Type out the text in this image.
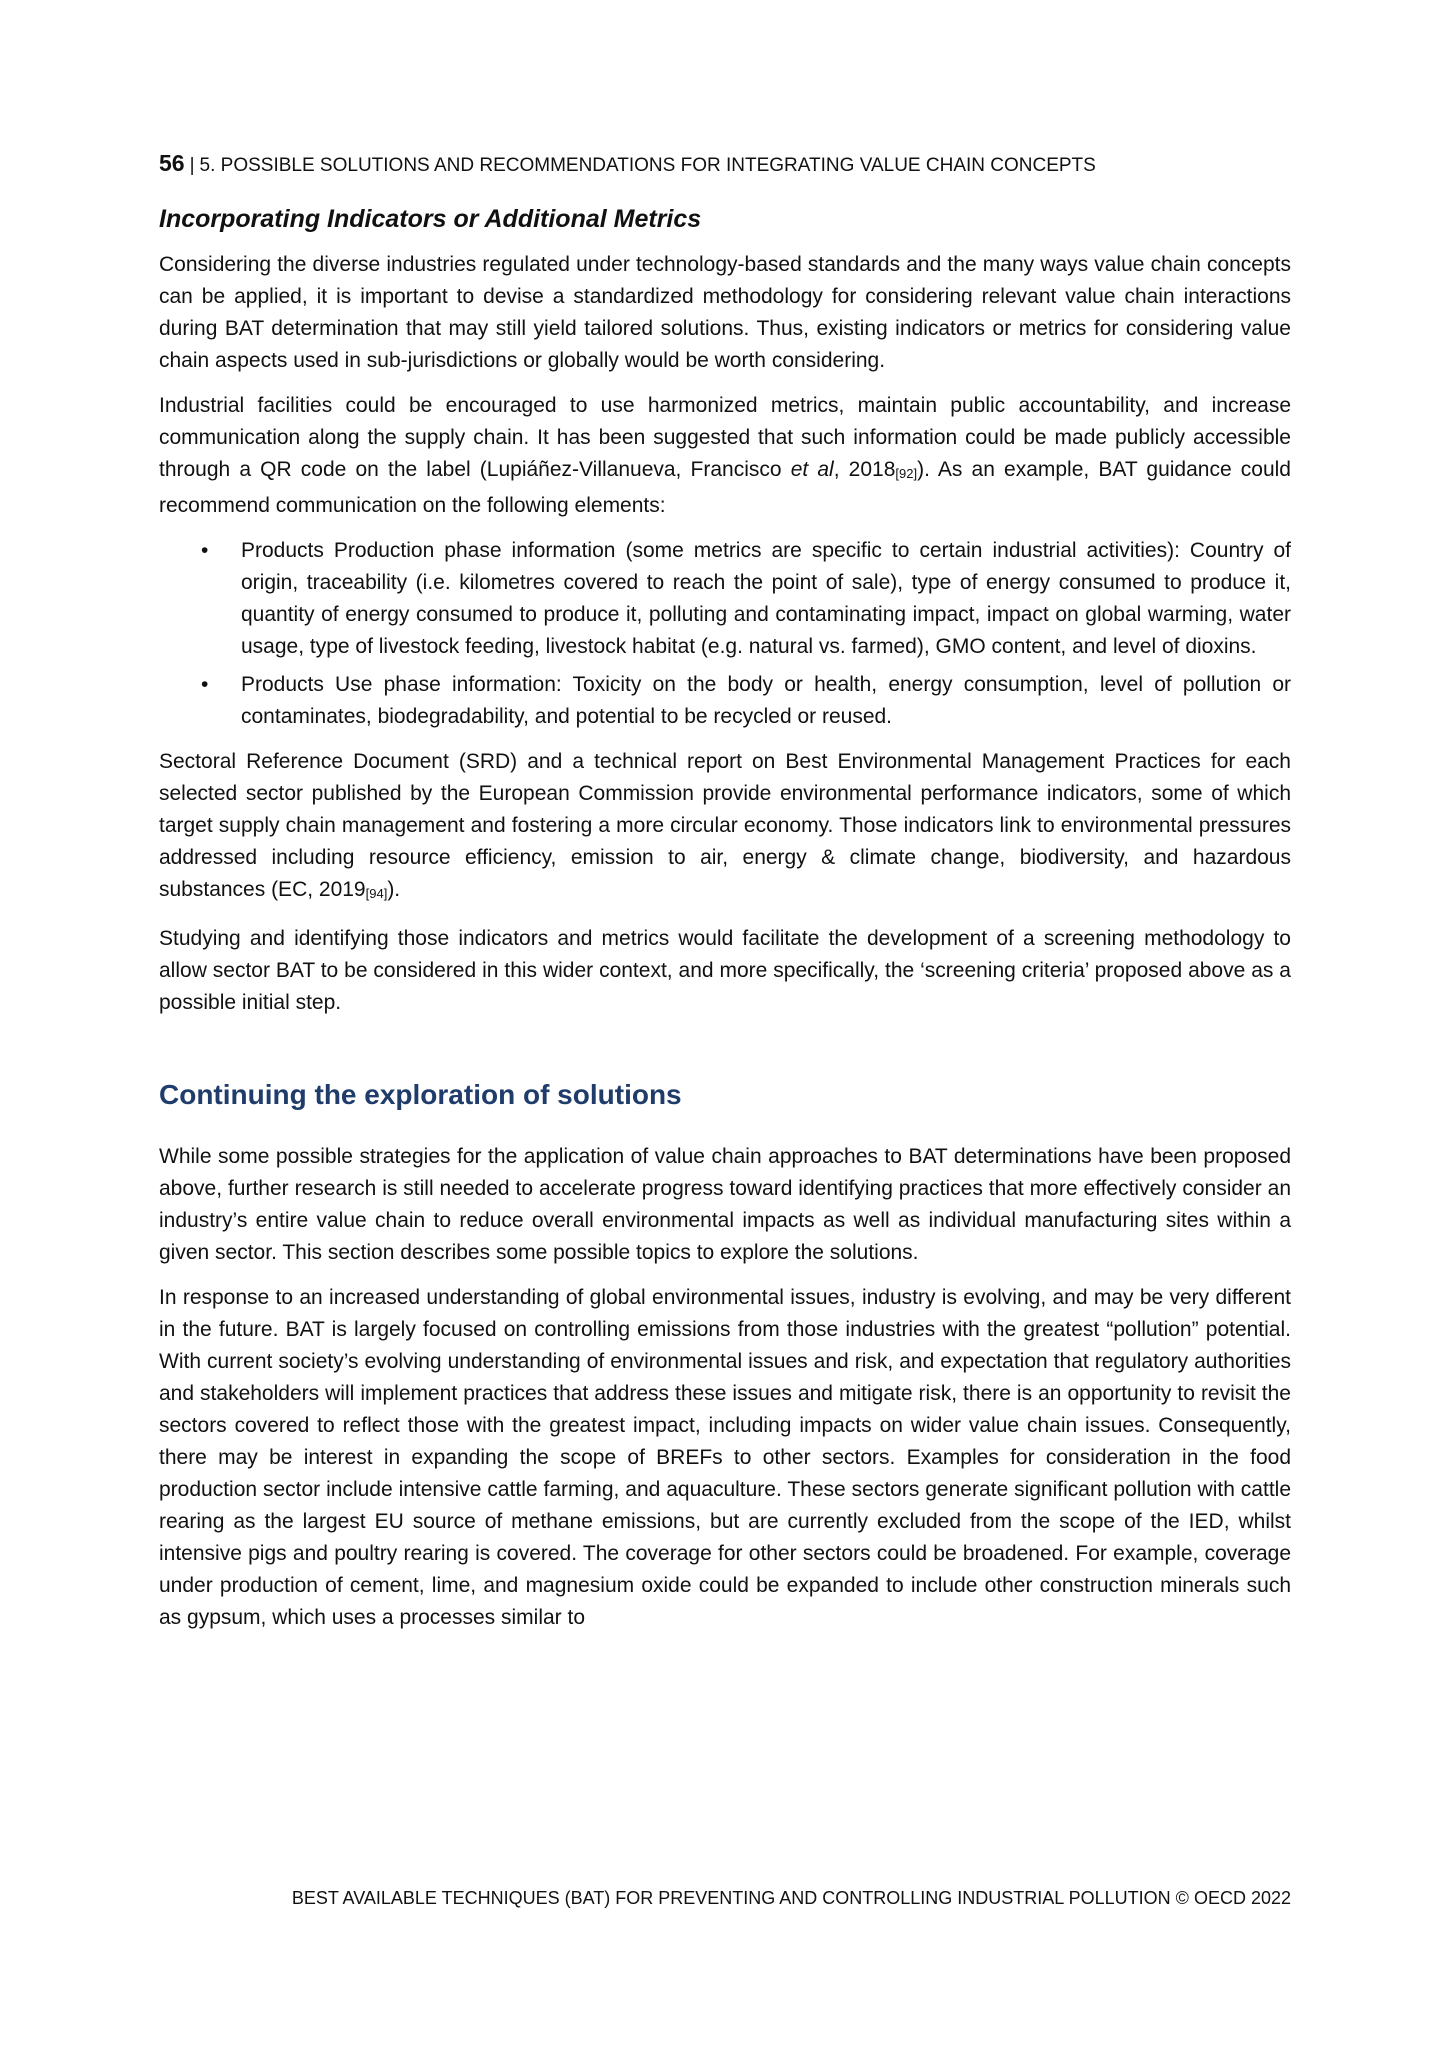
56 | 5. POSSIBLE SOLUTIONS AND RECOMMENDATIONS FOR INTEGRATING VALUE CHAIN CONCEPTS
Incorporating Indicators or Additional Metrics

Considering the diverse industries regulated under technology-based standards and the many ways value chain concepts can be applied, it is important to devise a standardized methodology for considering relevant value chain interactions during BAT determination that may still yield tailored solutions. Thus, existing indicators or metrics for considering value chain aspects used in sub-jurisdictions or globally would be worth considering.

Industrial facilities could be encouraged to use harmonized metrics, maintain public accountability, and increase communication along the supply chain. It has been suggested that such information could be made publicly accessible through a QR code on the label (Lupiáñez-Villanueva, Francisco et al, $2018_{[92]}$). As an example, BAT guidance could recommend communication on the following elements:

• Products Production phase information (some metrics are specific to certain industrial activities): Country of origin, traceability (i.e. kilometres covered to reach the point of sale), type of energy consumed to produce it, quantity of energy consumed to produce it, polluting and contaminating impact, impact on global warming, water usage, type of livestock feeding, livestock habitat (e.g. natural vs. farmed), GMO content, and level of dioxins.
• Products Use phase information: Toxicity on the body or health, energy consumption, level of pollution or contaminates, biodegradability, and potential to be recycled or reused.

Sectoral Reference Document (SRD) and a technical report on Best Environmental Management Practices for each selected sector published by the European Commission provide environmental performance indicators, some of which target supply chain management and fostering a more circular economy. Those indicators link to environmental pressures addressed including resource efficiency, emission to air, energy & climate change, biodiversity, and hazardous substances (EC, $2019_{[94]}$).

Studying and identifying those indicators and metrics would facilitate the development of a screening methodology to allow sector BAT to be considered in this wider context, and more specifically, the ‘screening criteria’ proposed above as a possible initial step.

Continuing the exploration of solutions

While some possible strategies for the application of value chain approaches to BAT determinations have been proposed above, further research is still needed to accelerate progress toward identifying practices that more effectively consider an industry’s entire value chain to reduce overall environmental impacts as well as individual manufacturing sites within a given sector. This section describes some possible topics to explore the solutions.

In response to an increased understanding of global environmental issues, industry is evolving, and may be very different in the future. BAT is largely focused on controlling emissions from those industries with the greatest “pollution” potential. With current society’s evolving understanding of environmental issues and risk, and expectation that regulatory authorities and stakeholders will implement practices that address these issues and mitigate risk, there is an opportunity to revisit the sectors covered to reflect those with the greatest impact, including impacts on wider value chain issues. Consequently, there may be interest in expanding the scope of BREFs to other sectors. Examples for consideration in the food production sector include intensive cattle farming, and aquaculture. These sectors generate significant pollution with cattle rearing as the largest EU source of methane emissions, but are currently excluded from the scope of the IED, whilst intensive pigs and poultry rearing is covered. The coverage for other sectors could be broadened. For example, coverage under production of cement, lime, and magnesium oxide could be expanded to include other construction minerals such as gypsum, which uses a processes similar to

BEST AVAILABLE TECHNIQUES (BAT) FOR PREVENTING AND CONTROLLING INDUSTRIAL POLLUTION © OECD 2022
